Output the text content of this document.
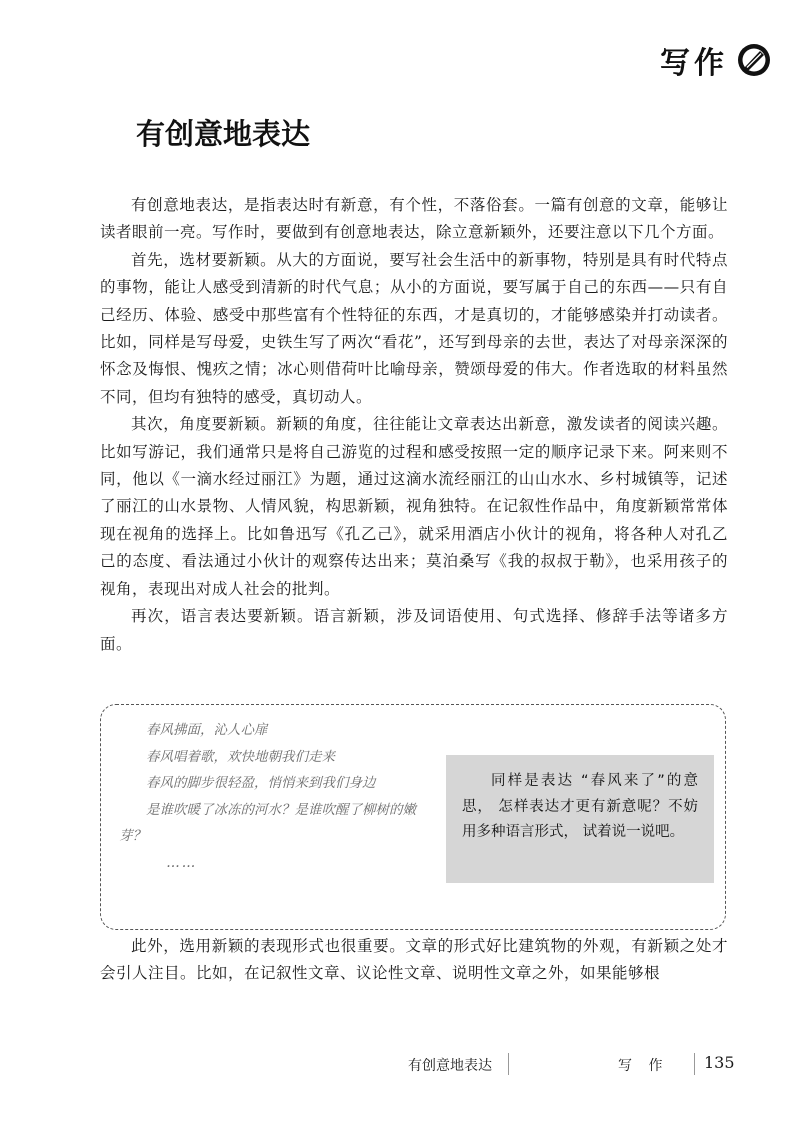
写作
有创意地表达

有创意地表达，是指表达时有新意，有个性，不落俗套。一篇有创意的文章，能够让读者眼前一亮。写作时，要做到有创意地表达，除立意新颖外，还要注意以下几个方面。

首先，选材要新颖。从大的方面说，要写社会生活中的新事物，特别是具有时代特点的事物，能让人感受到清新的时代气息；从小的方面说，要写属于自己的东西——只有自己经历、体验、感受中那些富有个性特征的东西，才是真切的，才能够感染并打动读者。比如，同样是写母爱，史铁生写了两次“看花”，还写到母亲的去世，表达了对母亲深深的怀念及悔恨、愧疚之情；冰心则借荷叶比喻母亲，赞颂母爱的伟大。作者选取的材料虽然不同，但均有独特的感受，真切动人。

其次，角度要新颖。新颖的角度，往往能让文章表达出新意，激发读者的阅读兴趣。比如写游记，我们通常只是将自己游览的过程和感受按照一定的顺序记录下来。阿来则不同，他以《一滴水经过丽江》为题，通过这滴水流经丽江的山山水水、乡村城镇等，记述了丽江的山水景物、人情风貌，构思新颖，视角独特。在记叙性作品中，角度新颖常常体现在视角的选择上。比如鲁迅写《孔乙己》，就采用酒店小伙计的视角，将各种人对孔乙己的态度、看法通过小伙计的观察传达出来；莫泊桑写《我的叔叔于勒》，也采用孩子的视角，表现出对成人社会的批判。

再次，语言表达要新颖。语言新颖，涉及词语使用、句式选择、修辞手法等诸多方面。

春风拂面，沁人心扉
春风唱着歌，欢快地朝我们走来
春风的脚步很轻盈，悄悄来到我们身边
是谁吹暖了冰冻的河水？是谁吹醒了柳树的嫩芽？
……
同样是表达 “春风来了”的意思， 怎样表达才更有新意呢？不妨用多种语言形式， 试着说一说吧。

此外，选用新颖的表现形式也很重要。文章的形式好比建筑物的外观，有新颖之处才会引人注目。比如，在记叙性文章、议论性文章、说明性文章之外，如果能够根

有创意地表达	写 作 135
